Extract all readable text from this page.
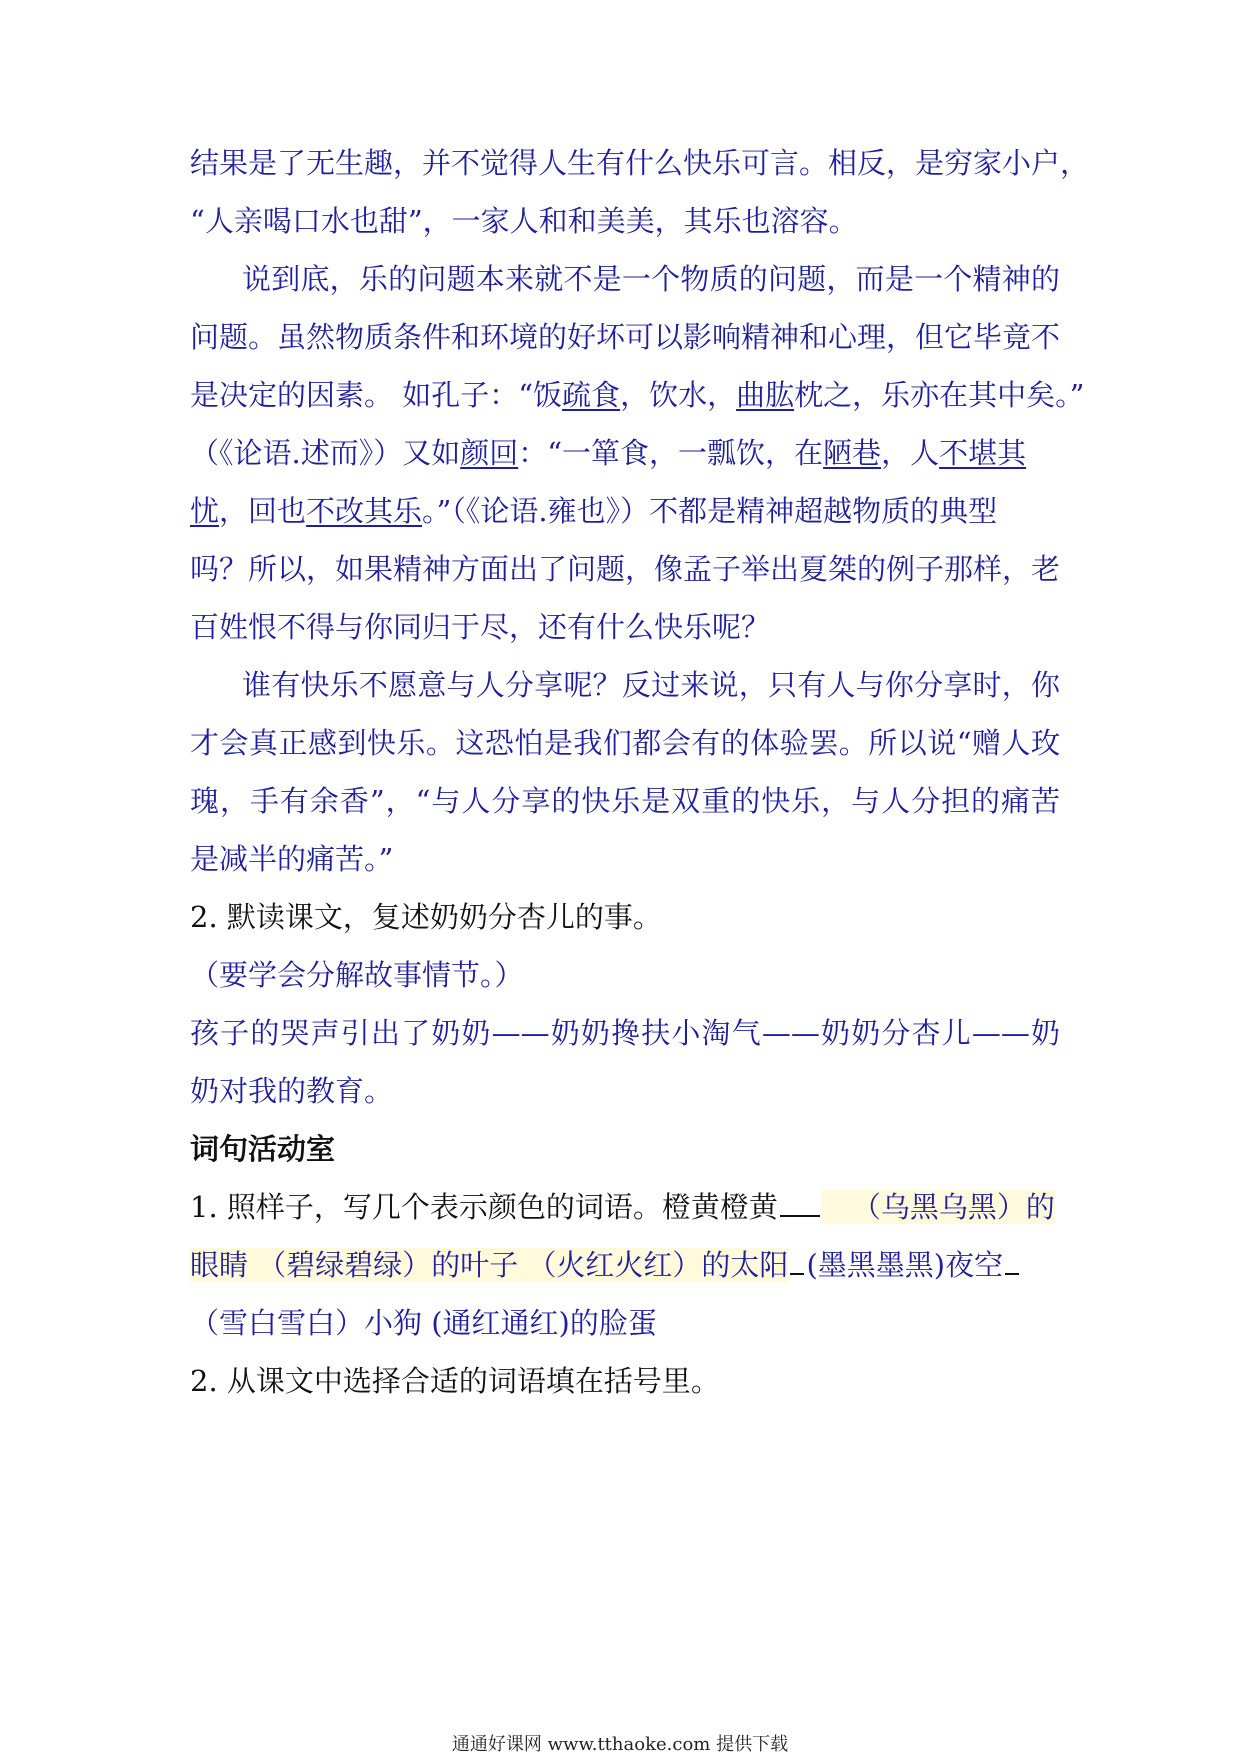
结果是了无生趣，并不觉得人生有什么快乐可言。相反，是穷家小户，
“人亲喝口水也甜”，一家人和和美美，其乐也溶容。
说到底，乐的问题本来就不是一个物质的问题，而是一个精神的
问题。虽然物质条件和环境的好坏可以影响精神和心理，但它毕竟不
是决定的因素。 如孔子：“饭疏食，饮水，曲肱枕之，乐亦在其中矣。”
（《论语.述而》）又如颜回：“一箪食，一瓢饮，在陋巷，人不堪其
忧，回也不改其乐。”（《论语.雍也》）不都是精神超越物质的典型
吗？所以，如果精神方面出了问题，像孟子举出夏桀的例子那样，老
百姓恨不得与你同归于尽，还有什么快乐呢？
谁有快乐不愿意与人分享呢？反过来说，只有人与你分享时，你
才会真正感到快乐。这恐怕是我们都会有的体验罢。所以说“赠人玫
瑰，手有余香”，“与人分享的快乐是双重的快乐，与人分担的痛苦
是减半的痛苦。”
2. 默读课文，复述奶奶分杏儿的事。
（要学会分解故事情节。）
孩子的哭声引出了奶奶——奶奶搀扶小淘气——奶奶分杏儿——奶
奶对我的教育。
词句活动室
1. 照样子，写几个表示颜色的词语。橙黄橙黄	（乌黑乌黑）的
眼睛 （碧绿碧绿）的叶子 （火红火红）的太阳 (墨黑墨黑)夜空
（雪白雪白）小狗 (通红通红)的脸蛋
2. 从课文中选择合适的词语填在括号里。
通通好课网 www.tthaoke.com 提供下载
